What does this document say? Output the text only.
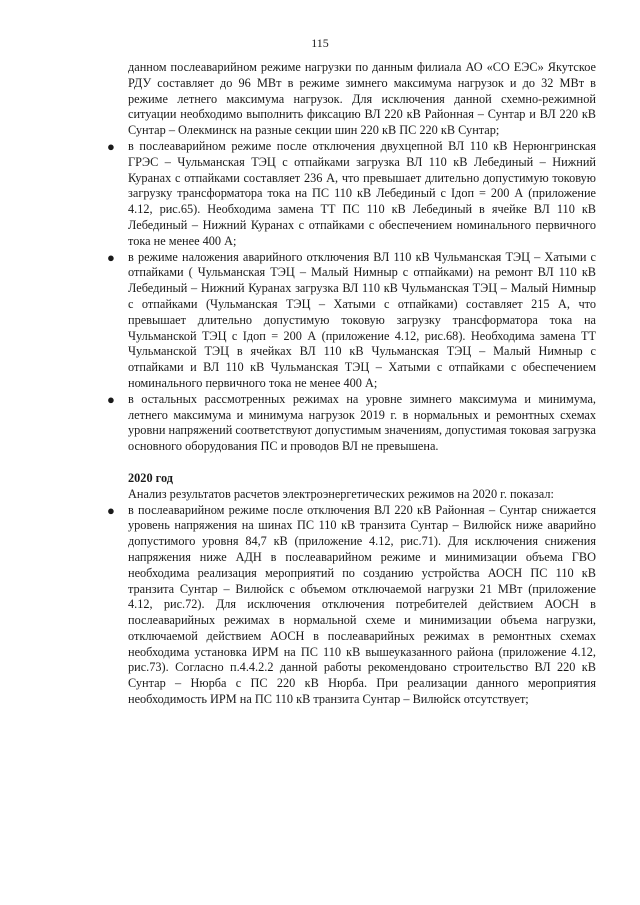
115

данном послеаварийном режиме нагрузки по данным филиала АО «СО ЕЭС» Якутское РДУ составляет до 96 МВт в режиме зимнего максимума нагрузок и до 32 МВт в режиме летнего максимума нагрузок. Для исключения данной схемно-режимной ситуации необходимо выполнить фиксацию ВЛ 220 кВ Районная – Сунтар и ВЛ 220 кВ Сунтар – Олекминск на разные секции шин 220 кВ ПС 220 кВ Сунтар;

● в послеаварийном режиме после отключения двухцепной ВЛ 110 кВ Нерюнгринская ГРЭС – Чульманская ТЭЦ с отпайками загрузка ВЛ 110 кВ Лебединый – Нижний Куранах с отпайками составляет 236 А, что превышает длительно допустимую токовую загрузку трансформатора тока на ПС 110 кВ Лебединый с Iдоп = 200 А (приложение 4.12, рис.65). Необходима замена ТТ ПС 110 кВ Лебединый в ячейке ВЛ 110 кВ Лебединый – Нижний Куранах с отпайками с обеспечением номинального первичного тока не менее 400 А;
● в режиме наложения аварийного отключения ВЛ 110 кВ Чульманская ТЭЦ – Хатыми с отпайками ( Чульманская ТЭЦ – Малый Нимныр с отпайками) на ремонт ВЛ 110 кВ Лебединый – Нижний Куранах загрузка ВЛ 110 кВ Чульманская ТЭЦ – Малый Нимныр с отпайками (Чульманская ТЭЦ – Хатыми с отпайками) составляет 215 А, что превышает длительно допустимую токовую загрузку трансформатора тока на Чульманской ТЭЦ с Iдоп = 200 А (приложение 4.12, рис.68). Необходима замена ТТ Чульманской ТЭЦ в ячейках ВЛ 110 кВ Чульманская ТЭЦ – Малый Нимныр с отпайками и ВЛ 110 кВ Чульманская ТЭЦ – Хатыми с отпайками с обеспечением номинального первичного тока не менее 400 А;
● в остальных рассмотренных режимах на уровне зимнего максимума и минимума, летнего максимума и минимума нагрузок 2019 г. в нормальных и ремонтных схемах уровни напряжений соответствуют допустимым значениям, допустимая токовая загрузка основного оборудования ПС и проводов ВЛ не превышена.

2020 год

Анализ результатов расчетов электроэнергетических режимов на 2020 г. показал:

● в послеаварийном режиме после отключения ВЛ 220 кВ Районная – Сунтар снижается уровень напряжения на шинах ПС 110 кВ транзита Сунтар – Вилюйск ниже аварийно допустимого уровня 84,7 кВ (приложение 4.12, рис.71). Для исключения снижения напряжения ниже АДН в послеаварийном режиме и минимизации объема ГВО необходима реализация мероприятий по созданию устройства АОСН ПС 110 кВ транзита Сунтар – Вилюйск с объемом отключаемой нагрузки 21 МВт (приложение 4.12, рис.72). Для исключения отключения потребителей действием АОСН в послеаварийных режимах в нормальной схеме и минимизации объема нагрузки, отключаемой действием АОСН в послеаварийных режимах в ремонтных схемах необходима установка ИРМ на ПС 110 кВ вышеуказанного района (приложение 4.12, рис.73). Согласно п.4.4.2.2 данной работы рекомендовано строительство ВЛ 220 кВ Сунтар – Нюрба с ПС 220 кВ Нюрба. При реализации данного мероприятия необходимость ИРМ на ПС 110 кВ транзита Сунтар – Вилюйск отсутствует;
